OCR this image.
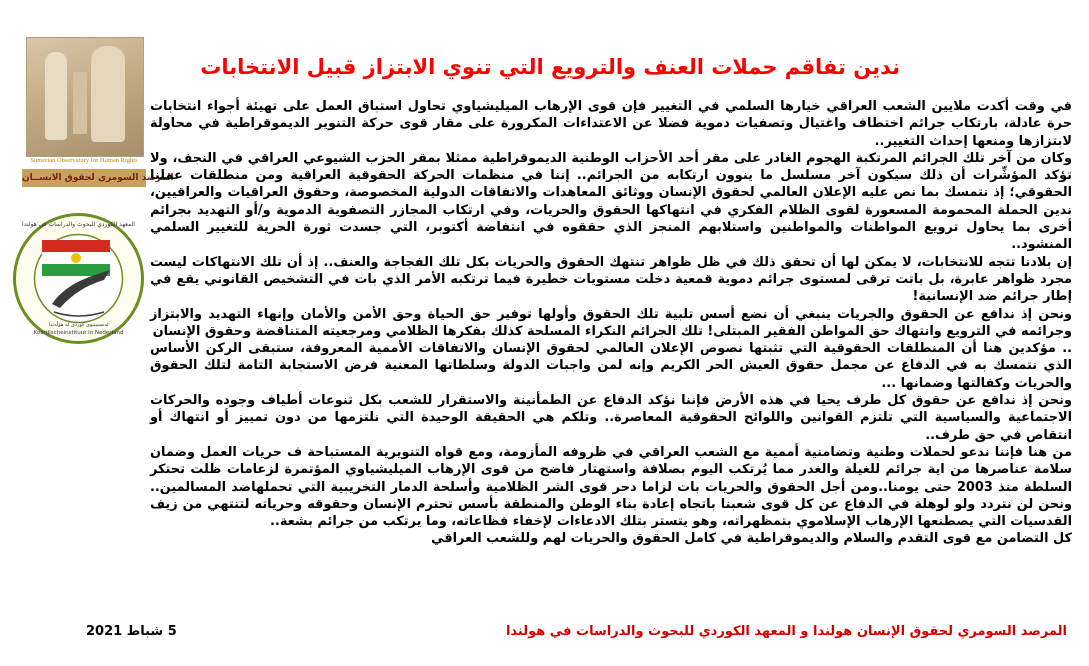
Sumerian Observatory for Human Rights
المرصد السومري لحقوق الانســان
المعهد الكوردي للبحوث والدراسات في هولندا
Koerdischeinstituut in Nederland
ئەنستیتیوی کوردی لە هۆڵەندا
ندين تفاقم حملات العنف والترويع التي تنوي الابتزاز قبيل الانتخابات

في وقت أكدت ملايين الشعب العراقي خيارها السلمي في التغيير فإن قوى الإرهاب الميليشياوي تحاول استباق العمل على تهيئة أجواء انتخابات حرة عادلة، بارتكاب جرائم اختطاف واغتيال وتصفيات دموية فضلا عن الاعتداءات المكرورة على مقار قوى حركة التنوير الديموقراطية في محاولة لابتزازها ومنعها إحداث التغيير..

وكان من آخر تلك الجرائم المرتكبة الهجوم الغادر على مقر أحد الأحزاب الوطنية الديموقراطية ممثلا بمقر الحزب الشيوعي العراقي في النجف، ولا تؤكد المؤشِّرات أن ذلك سيكون آخر مسلسل ما ينوون ارتكابه من الجرائم.. إننا في منظمات الحركة الحقوقية العراقية ومن منطلقات عملنا الحقوقي؛ إذ نتمسك بما نص عليه الإعلان العالمي لحقوق الإنسان ووثائق المعاهدات والاتفاقات الدولية المخصوصة، وحقوق العراقيات والعراقيين، ندين الحملة المحمومة المسعورة لقوى الظلام الفكري في انتهاكها الحقوق والحريات، وفي ارتكاب المجازر التصفوية الدموية و/أو التهديد بجرائم أخرى بما يحاول ترويع المواطنات والمواطنين واستلابهم المنجز الذي حققوه في انتفاضة أكتوبر، التي جسدت ثورة الحرية للتغيير السلمي المنشود..

إن بلادنا تتجه للانتخابات، لا يمكن لها أن تحقق ذلك في ظل ظواهر تنتهك الحقوق والحريات بكل تلك الفجاجة والعنف.. إذ أن تلك الانتهاكات ليست مجرد ظواهر عابرة، بل باتت ترقى لمستوى جرائم دموية قمعية دخلت مستويات خطيرة فيما ترتكبه الأمر الذي بات في التشخيص القانوني يقع في إطار جرائم ضد الإنسانية!

ونحن إذ ندافع عن الحقوق والجريات ينبغي أن نضع أسس تلبية تلك الحقوق وأولها توفير حق الحياة وحق الأمن والأمان وإنهاء التهديد والابتزاز وجرائمه في الترويع وانتهاك حق المواطن الفقير المبتلى! تلك الجرائم النكراء المسلحة كذلك بفكرها الظلامي ومرجعيته المتناقضة وحقوق الإنسان

.. مؤكدين هنا أن المنطلقات الحقوقية التي تثبتها نصوص الإعلان العالمي لحقوق الإنسان والاتفاقات الأممية المعروفة، ستبقى الركن الأساس الذي نتمسك به في الدفاع عن مجمل حقوق العيش الحر الكريم وإنه لمن واجبات الدولة وسلطاتها المعنية فرض الاستجابة التامة لتلك الحقوق والحريات وكفالتها وضمانها ...

ونحن إذ ندافع عن حقوق كل طرف يحيا في هذه الأرض فإننا نؤكد الدفاع عن الطمأنينة والاستقرار للشعب بكل تنوعات أطياف وجوده والحركات الاجتماعية والسياسية التي تلتزم القوانين واللوائح الحقوقية المعاصرة.. وتلكم هي الحقيقة الوحيدة التي نلتزمها من دون تمييز أو انتهاك أو انتقاص في حق طرف..

من هنا فإننا ندعو لحملات وطنية وتضامنية أممية مع الشعب العراقي في ظروفه المأزومة، ومع قواه التنويرية المستباحة ف حريات العمل وضمان سلامة عناصرها من اية جرائم للغيلة والغدر مما يُرتكب اليوم بصلافة واستهتار فاضح من قوى الإرهاب الميليشياوي المؤتمرة لزعامات ظلت تحتكر السلطة منذ 2003 حتى يومنا..ومن أجل الحقوق والحريات بات لزاما دحر قوى الشر الظلامية وأسلحة الدمار التخريبية التي تحملهاضد المسالمين.. ونحن لن نتردد ولو لوهلة في الدفاع عن كل قوى شعبنا باتجاه إعادة بناء الوطن والمنطقة بأسس تحترم الإنسان وحقوقه وحرياته لتنتهي من زيف القدسيات التي يصطنعها الإرهاب الإسلاموي بتمظهراته، وهو يتستر بتلك الادعاءات لإخفاء فظاعاته، وما يرتكب من جرائم بشعة..

كل التضامن مع قوى التقدم والسلام والديموقراطية في كامل الحقوق والحريات لهم وللشعب العراقي

المرصد السومري لحقوق الإنسان هولندا و المعهد الكوردي للبحوث والدراسات في هولندا
5 شباط 2021
